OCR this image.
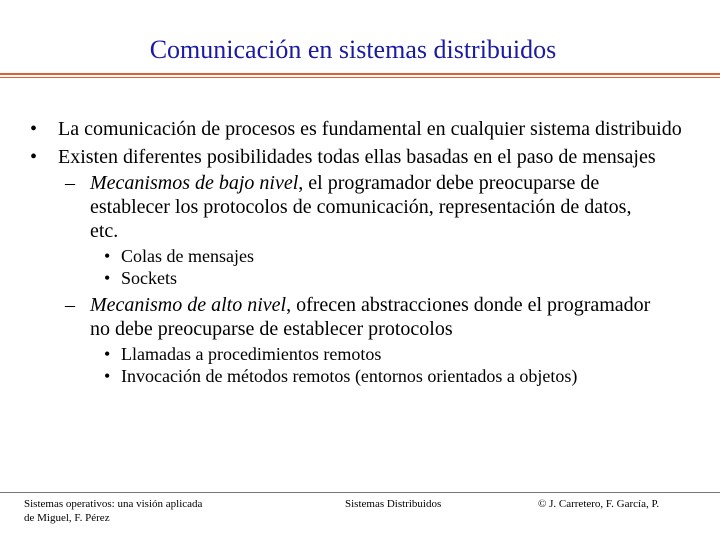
Comunicación en sistemas distribuidos
• La comunicación de procesos es fundamental en cualquier sistema distribuido
• Existen diferentes posibilidades todas ellas basadas en el paso de mensajes
– Mecanismos de bajo nivel, el programador debe preocuparse de establecer los protocolos de comunicación, representación de datos, etc.
• Colas de mensajes
• Sockets
– Mecanismo de alto nivel, ofrecen abstracciones donde el programador no debe preocuparse de establecer protocolos
• Llamadas a procedimientos remotos
• Invocación de métodos remotos (entornos orientados a objetos)
Sistemas operativos: una visión aplicada
de Miguel, F. Pérez
Sistemas Distribuidos	© J. Carretero, F. García, P.
